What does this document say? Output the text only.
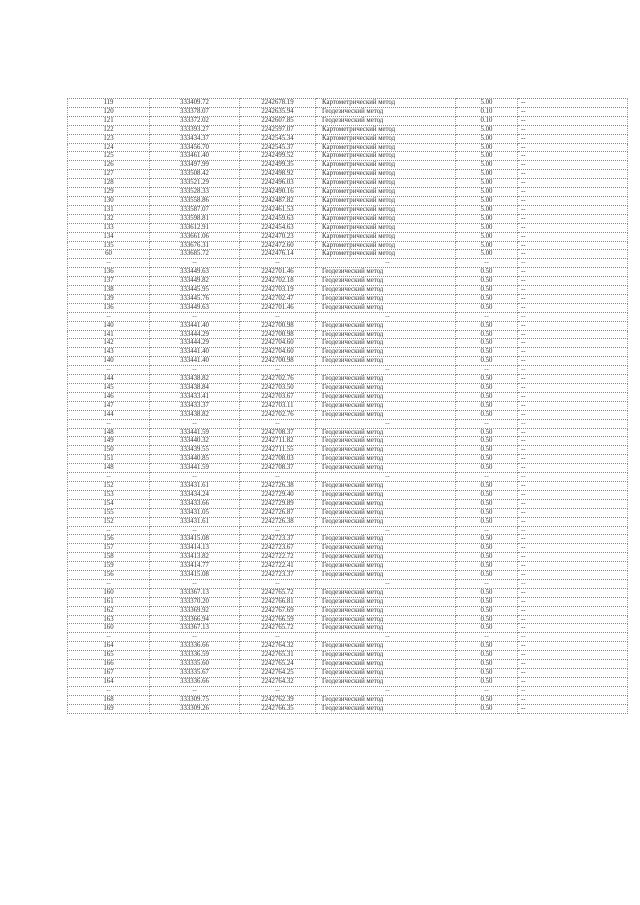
119	333409.72	2242678.19	Картометрический метод	5.00	--
120	333378.07	2242635.94	Геодезический метод	0.10	--
121	333372.02	2242607.85	Геодезический метод	0.10	--
122	333393.27	2242597.07	Картометрический метод	5.00	--
123	333434.37	2242545.34	Картометрический метод	5.00	--
124	333456.70	2242545.37	Картометрический метод	5.00	--
125	333461.40	2242499.52	Картометрический метод	5.00	--
126	333497.99	2242499.35	Картометрический метод	5.00	--
127	333508.42	2242498.92	Картометрический метод	5.00	--
128	333521.29	2242496.03	Картометрический метод	5.00	--
129	333528.33	2242490.16	Картометрический метод	5.00	--
130	333558.86	2242487.82	Картометрический метод	5.00	--
131	333587.07	2242461.53	Картометрический метод	5.00	--
132	333598.81	2242459.63	Картометрический метод	5.00	--
133	333612.91	2242454.63	Картометрический метод	5.00	--
134	333661.06	2242470.23	Картометрический метод	5.00	--
135	333676.31	2242472.60	Картометрический метод	5.00	--
60	333685.72	2242476.14	Картометрический метод	5.00	--
--	--	--	--	--	--
136	333449.63	2242701.46	Геодезический метод	0.50	--
137	333449.82	2242702.18	Геодезический метод	0.50	--
138	333445.95	2242703.19	Геодезический метод	0.50	--
139	333445.76	2242702.47	Геодезический метод	0.50	--
136	333449.63	2242701.46	Геодезический метод	0.50	--
--	--	--	--	--	--
140	333441.40	2242700.98	Геодезический метод	0.50	--
141	333444.29	2242700.98	Геодезический метод	0.50	--
142	333444.29	2242704.60	Геодезический метод	0.50	--
143	333441.40	2242704.60	Геодезический метод	0.50	--
140	333441.40	2242700.98	Геодезический метод	0.50	--
--	--	--	--	--	--
144	333438.82	2242702.76	Геодезический метод	0.50	--
145	333438.84	2242703.50	Геодезический метод	0.50	--
146	333433.41	2242703.67	Геодезический метод	0.50	--
147	333433.37	2242703.11	Геодезический метод	0.50	--
144	333438.82	2242702.76	Геодезический метод	0.50	--
--	--	--	--	--	--
148	333441.59	2242708.37	Геодезический метод	0.50	--
149	333440.32	2242711.82	Геодезический метод	0.50	--
150	333439.55	2242711.55	Геодезический метод	0.50	--
151	333440.85	2242708.03	Геодезический метод	0.50	--
148	333441.59	2242708.37	Геодезический метод	0.50	--
--	--	--	--	--	--
152	333431.61	2242726.38	Геодезический метод	0.50	--
153	333434.24	2242729.40	Геодезический метод	0.50	--
154	333433.66	2242729.89	Геодезический метод	0.50	--
155	333431.05	2242726.87	Геодезический метод	0.50	--
152	333431.61	2242726.38	Геодезический метод	0.50	--
--	--	--	--	--	--
156	333415.08	2242723.37	Геодезический метод	0.50	--
157	333414.13	2242723.67	Геодезический метод	0.50	--
158	333413.82	2242722.72	Геодезический метод	0.50	--
159	333414.77	2242722.41	Геодезический метод	0.50	--
156	333415.08	2242723.37	Геодезический метод	0.50	--
--	--	--	--	--	--
160	333367.13	2242765.72	Геодезический метод	0.50	--
161	333370.20	2242766.81	Геодезический метод	0.50	--
162	333369.92	2242767.69	Геодезический метод	0.50	--
163	333366.94	2242766.59	Геодезический метод	0.50	--
160	333367.13	2242765.72	Геодезический метод	0.50	--
--	--	--	--	--	--
164	333336.66	2242764.32	Геодезический метод	0.50	--
165	333336.59	2242765.31	Геодезический метод	0.50	--
166	333335.60	2242765.24	Геодезический метод	0.50	--
167	333335.67	2242764.25	Геодезический метод	0.50	--
164	333336.66	2242764.32	Геодезический метод	0.50	--
--	--	--	--	--	--
168	333309.75	2242762.39	Геодезический метод	0.50	--
169	333309.26	2242766.35	Геодезический метод	0.50	--
